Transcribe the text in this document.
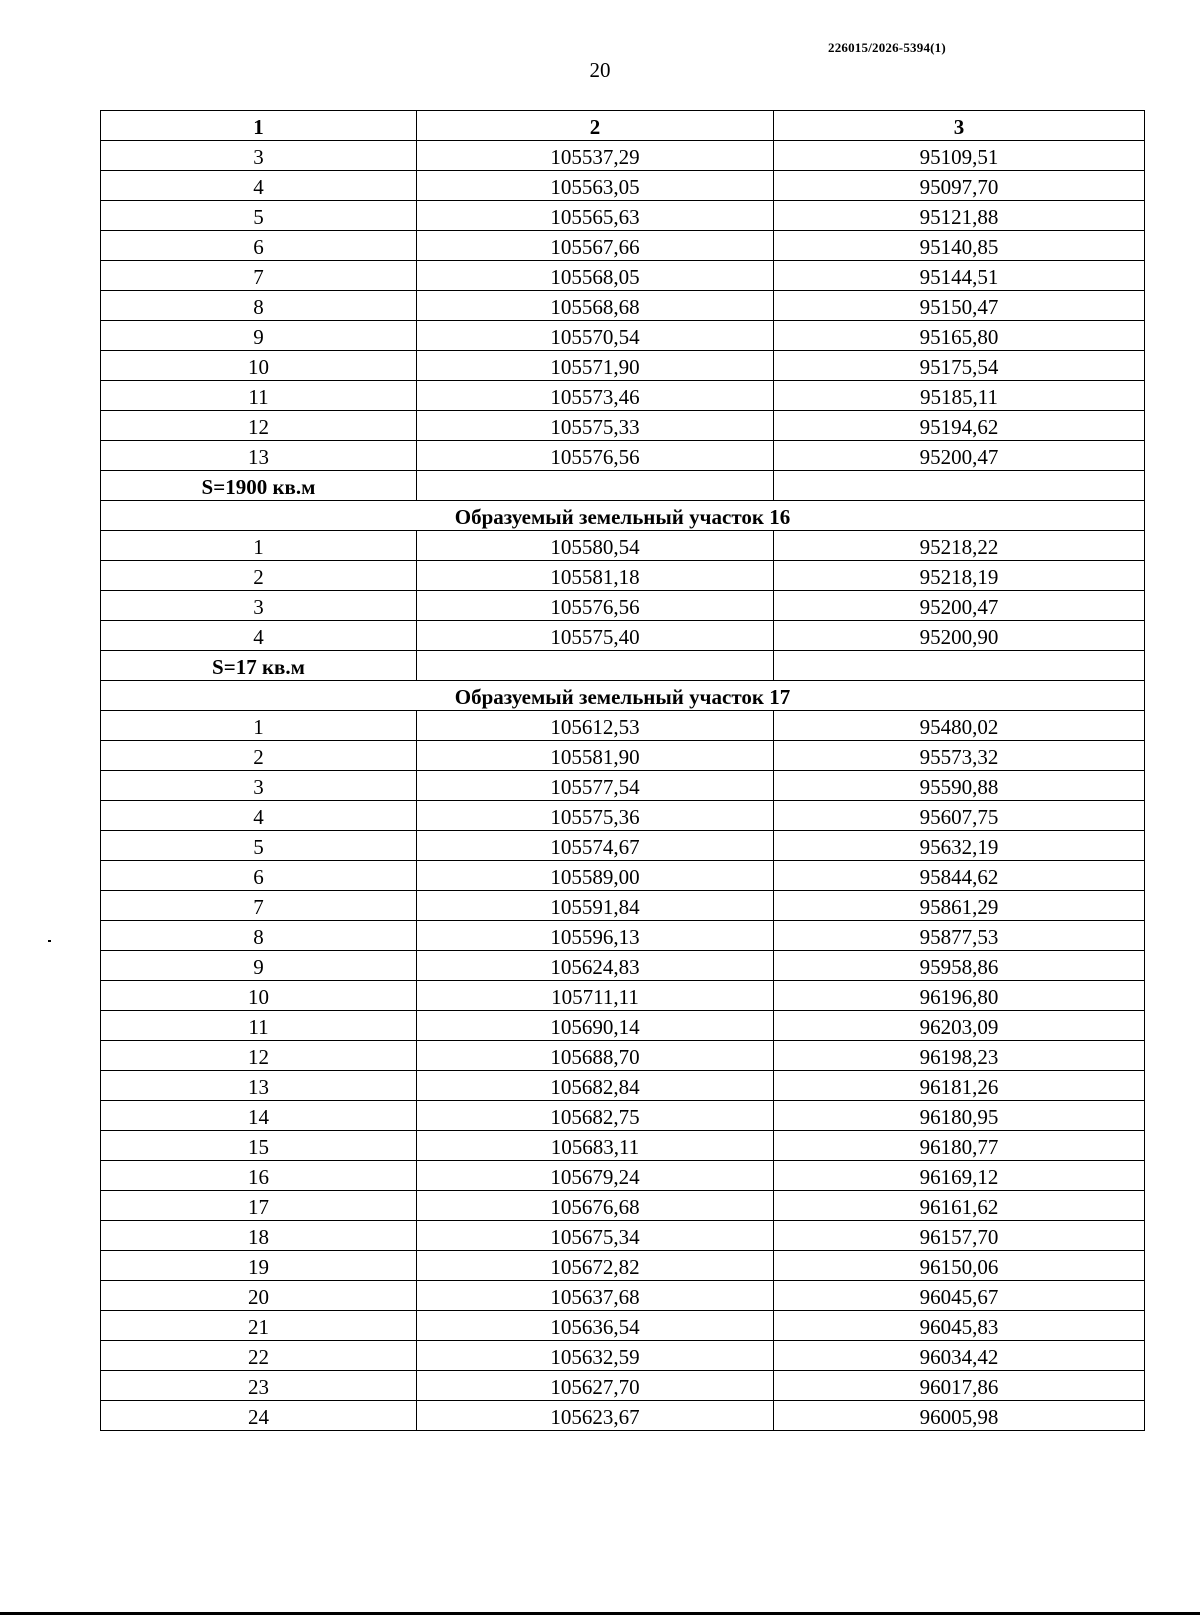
226015/2026-5394(1)
20
1	2	3
3	105537,29	95109,51
4	105563,05	95097,70
5	105565,63	95121,88
6	105567,66	95140,85
7	105568,05	95144,51
8	105568,68	95150,47
9	105570,54	95165,80
10	105571,90	95175,54
11	105573,46	95185,11
12	105575,33	95194,62
13	105576,56	95200,47
S=1900 кв.м		
Образуемый земельный участок 16		
1	105580,54	95218,22
2	105581,18	95218,19
3	105576,56	95200,47
4	105575,40	95200,90
S=17 кв.м		
Образуемый земельный участок 17		
1	105612,53	95480,02
2	105581,90	95573,32
3	105577,54	95590,88
4	105575,36	95607,75
5	105574,67	95632,19
6	105589,00	95844,62
7	105591,84	95861,29
8	105596,13	95877,53
9	105624,83	95958,86
10	105711,11	96196,80
11	105690,14	96203,09
12	105688,70	96198,23
13	105682,84	96181,26
14	105682,75	96180,95
15	105683,11	96180,77
16	105679,24	96169,12
17	105676,68	96161,62
18	105675,34	96157,70
19	105672,82	96150,06
20	105637,68	96045,67
21	105636,54	96045,83
22	105632,59	96034,42
23	105627,70	96017,86
24	105623,67	96005,98
